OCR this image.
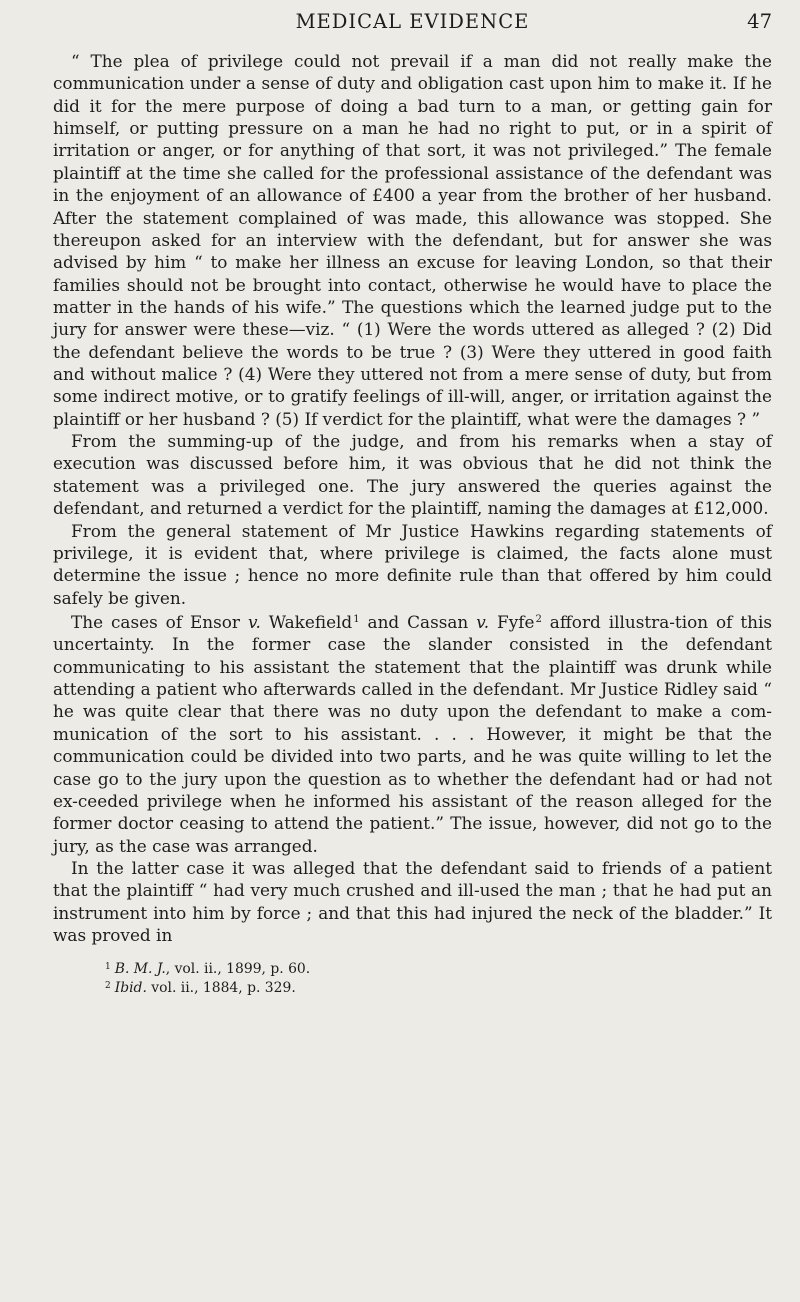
MEDICAL EVIDENCE	47

“ The plea of privilege could not prevail if a man did not really make the communication under a sense of duty and obligation cast upon him to make it. If he did it for the mere purpose of doing a bad turn to a man, or getting gain for himself, or putting pressure on a man he had no right to put, or in a spirit of irritation or anger, or for anything of that sort, it was not privileged.” The female plaintiff at the time she called for the professional assistance of the defendant was in the enjoyment of an allowance of £400 a year from the brother of her husband. After the statement complained of was made, this allowance was stopped. She thereupon asked for an interview with the defendant, but for answer she was advised by him “ to make her illness an excuse for leaving London, so that their families should not be brought into contact, otherwise he would have to place the matter in the hands of his wife.” The questions which the learned judge put to the jury for answer were these—viz. “ (1) Were the words uttered as alleged ? (2) Did the defendant believe the words to be true ? (3) Were they uttered in good faith and without malice ? (4) Were they uttered not from a mere sense of duty, but from some indirect motive, or to gratify feelings of ill-will, anger, or irritation against the plaintiff or her husband ? (5) If verdict for the plaintiff, what were the damages ? ”

From the summing-up of the judge, and from his remarks when a stay of execution was discussed before him, it was obvious that he did not think the statement was a privileged one. The jury answered the queries against the defendant, and returned a verdict for the plaintiff, naming the damages at £12,000.

From the general statement of Mr Justice Hawkins regarding statements of privilege, it is evident that, where privilege is claimed, the facts alone must determine the issue ; hence no more definite rule than that offered by him could safely be given.

The cases of Ensor v. Wakefield$^1$ and Cassan v. Fyfe$^2$ afford illustra-tion of this uncertainty. In the former case the slander consisted in the defendant communicating to his assistant the statement that the plaintiff was drunk while attending a patient who afterwards called in the defendant. Mr Justice Ridley said “ he was quite clear that there was no duty upon the defendant to make a com-munication of the sort to his assistant. . . . However, it might be that the communication could be divided into two parts, and he was quite willing to let the case go to the jury upon the question as to whether the defendant had or had not ex-ceeded privilege when he informed his assistant of the reason alleged for the former doctor ceasing to attend the patient.” The issue, however, did not go to the jury, as the case was arranged.

In the latter case it was alleged that the defendant said to friends of a patient that the plaintiff “ had very much crushed and ill-used the man ; that he had put an instrument into him by force ; and that this had injured the neck of the bladder.” It was proved in

$^1$ B. M. J., vol. ii., 1899, p. 60.

$^2$ Ibid. vol. ii., 1884, p. 329.
